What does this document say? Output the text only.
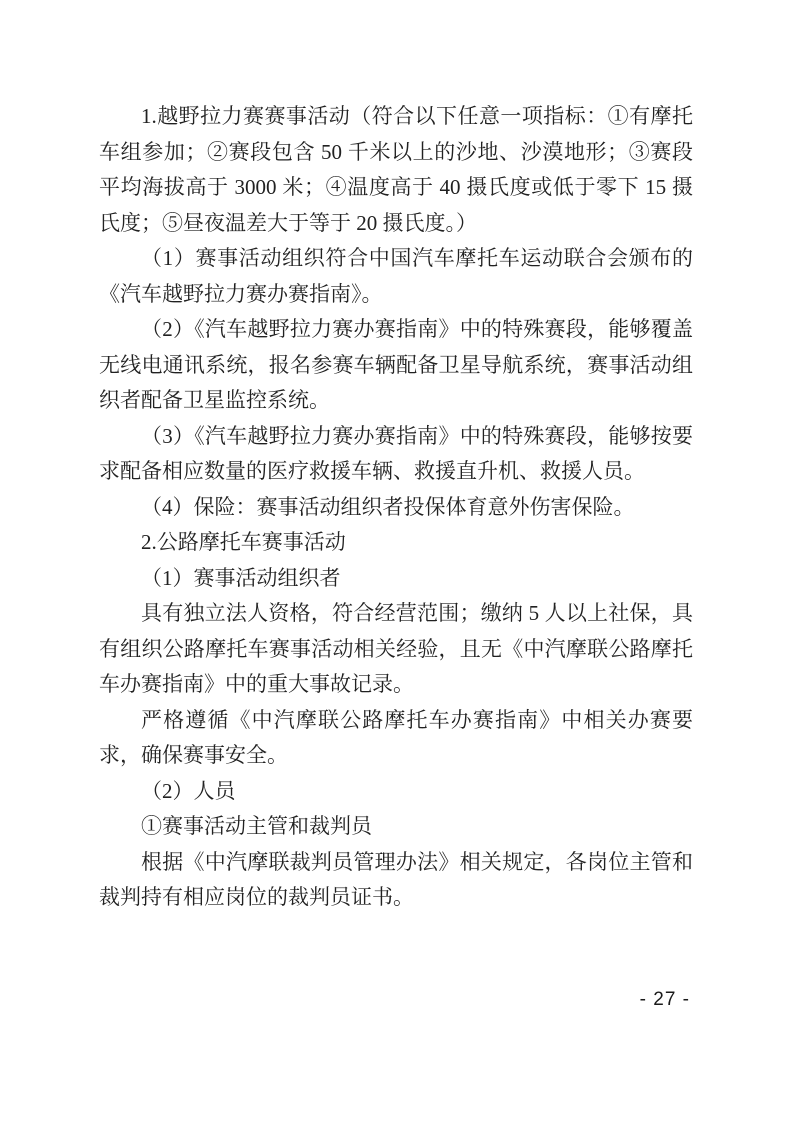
1.越野拉力赛赛事活动（符合以下任意一项指标：①有摩托车组参加；②赛段包含 50 千米以上的沙地、沙漠地形；③赛段平均海拔高于 3000 米；④温度高于 40 摄氏度或低于零下 15 摄氏度；⑤昼夜温差大于等于 20 摄氏度。）

（1）赛事活动组织符合中国汽车摩托车运动联合会颁布的《汽车越野拉力赛办赛指南》。

（2）《汽车越野拉力赛办赛指南》中的特殊赛段，能够覆盖无线电通讯系统，报名参赛车辆配备卫星导航系统，赛事活动组织者配备卫星监控系统。

（3）《汽车越野拉力赛办赛指南》中的特殊赛段，能够按要求配备相应数量的医疗救援车辆、救援直升机、救援人员。

（4）保险：赛事活动组织者投保体育意外伤害保险。

2.公路摩托车赛事活动

（1）赛事活动组织者

具有独立法人资格，符合经营范围；缴纳 5 人以上社保，具有组织公路摩托车赛事活动相关经验，且无《中汽摩联公路摩托车办赛指南》中的重大事故记录。

严格遵循《中汽摩联公路摩托车办赛指南》中相关办赛要求，确保赛事安全。

（2）人员

①赛事活动主管和裁判员

根据《中汽摩联裁判员管理办法》相关规定，各岗位主管和裁判持有相应岗位的裁判员证书。

- 27 -
